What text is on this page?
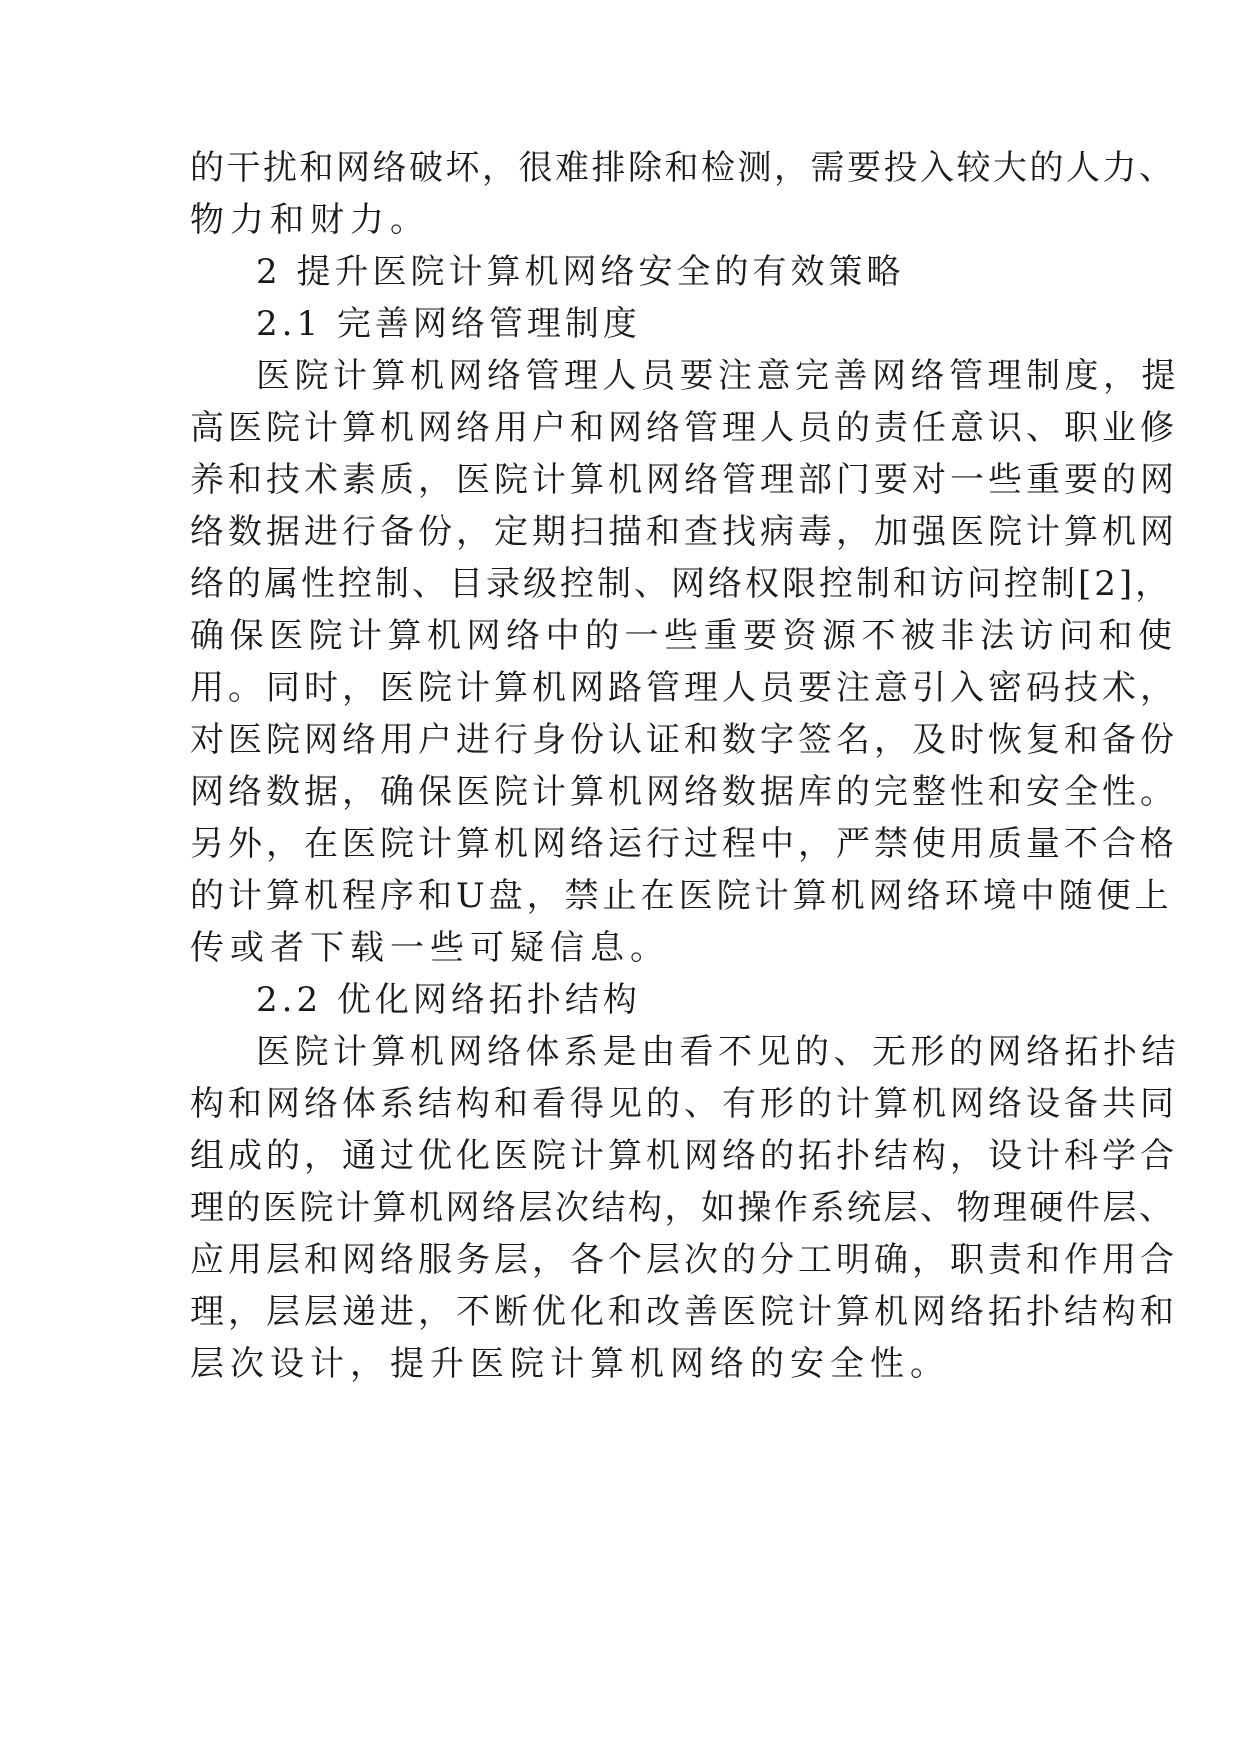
的干扰和网络破坏，很难排除和检测，需要投入较大的人力、
物力和财力。
2 提升医院计算机网络安全的有效策略
2.1 完善网络管理制度
医院计算机网络管理人员要注意完善网络管理制度，提
高医院计算机网络用户和网络管理人员的责任意识、职业修
养和技术素质，医院计算机网络管理部门要对一些重要的网
络数据进行备份，定期扫描和查找病毒，加强医院计算机网
络的属性控制、目录级控制、网络权限控制和访问控制[2]，
确保医院计算机网络中的一些重要资源不被非法访问和使
用。同时，医院计算机网路管理人员要注意引入密码技术，
对医院网络用户进行身份认证和数字签名，及时恢复和备份
网络数据，确保医院计算机网络数据库的完整性和安全性。
另外，在医院计算机网络运行过程中，严禁使用质量不合格
的计算机程序和U盘，禁止在医院计算机网络环境中随便上
传或者下载一些可疑信息。
2.2 优化网络拓扑结构
医院计算机网络体系是由看不见的、无形的网络拓扑结
构和网络体系结构和看得见的、有形的计算机网络设备共同
组成的，通过优化医院计算机网络的拓扑结构，设计科学合
理的医院计算机网络层次结构，如操作系统层、物理硬件层、
应用层和网络服务层，各个层次的分工明确，职责和作用合
理，层层递进，不断优化和改善医院计算机网络拓扑结构和
层次设计，提升医院计算机网络的安全性。
